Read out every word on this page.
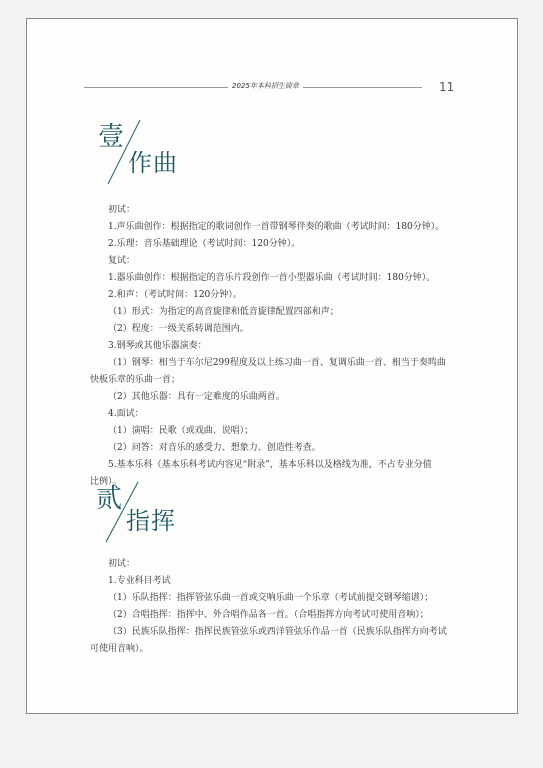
2025年本科招生简章	11
壹
作曲

初试：

1.声乐曲创作：根据指定的歌词创作一首带钢琴伴奏的歌曲（考试时间：180分钟）。

2.乐理：音乐基础理论（考试时间：120分钟）。

复试：

1.器乐曲创作：根据指定的音乐片段创作一首小型器乐曲（考试时间：180分钟）。

2.和声：（考试时间：120分钟）。

（1）形式：为指定的高音旋律和低音旋律配置四部和声；

（2）程度：一级关系转调范围内。

3.钢琴或其他乐器演奏：

（1）钢琴：相当于车尔尼299程度及以上练习曲一首、复调乐曲一首、相当于奏鸣曲

快板乐章的乐曲一首；

（2）其他乐器：具有一定难度的乐曲两首。

4.面试：

（1）演唱：民歌（或戏曲、说唱）；

（2）问答：对音乐的感受力、想象力、创造性考查。

5.基本乐科（基本乐科考试内容见“附录”，基本乐科以及格线为准，不占专业分值

比例）。

贰
指挥

初试：

1.专业科目考试

（1）乐队指挥：指挥管弦乐曲一首或交响乐曲一个乐章（考试前提交钢琴缩谱）；

（2）合唱指挥：指挥中、外合唱作品各一首。（合唱指挥方向考试可使用音响）；

（3）民族乐队指挥：指挥民族管弦乐或西洋管弦乐作品一首（民族乐队指挥方向考试

可使用音响）。
